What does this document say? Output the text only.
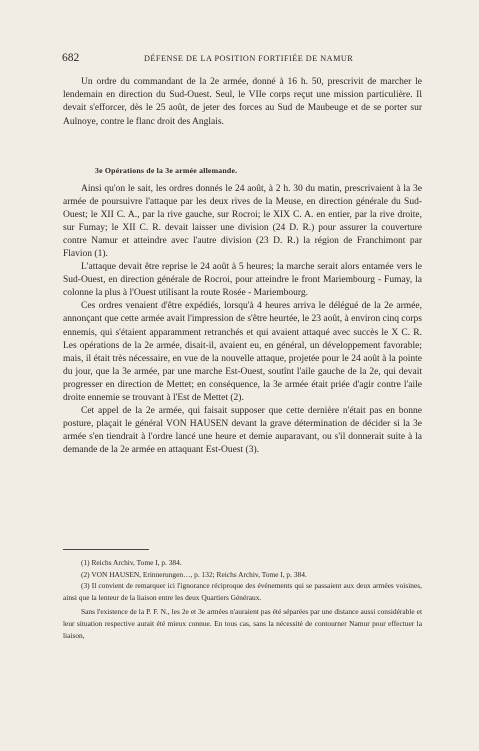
682	DÉFENSE DE LA POSITION FORTIFIÉE DE NAMUR

Un ordre du commandant de la 2e armée, donné à 16 h. 50, prescrivit de marcher le lendemain en direction du Sud-Ouest. Seul, le VIIe corps reçut une mission particulière. Il devait s'efforcer, dès le 25 août, de jeter des forces au Sud de Maubeuge et de se porter sur Aulnoye, contre le flanc droit des Anglais.

3e Opérations de la 3e armée allemande.

Ainsi qu'on le sait, les ordres donnés le 24 août, à 2 h. 30 du matin, prescrivaient à la 3e armée de poursuivre l'attaque par les deux rives de la Meuse, en direction générale du Sud-Ouest; le XII C. A., par la rive gauche, sur Rocroi; le XIX C. A. en entier, par la rive droite, sur Fumay; le XII C. R. devait laisser une division (24 D. R.) pour assurer la couverture contre Namur et atteindre avec l'autre division (23 D. R.) la région de Franchimont par Flavion (1).

L'attaque devait être reprise le 24 août à 5 heures; la marche serait alors entamée vers le Sud-Ouest, en direction générale de Rocroi, pour atteindre le front Mariembourg - Fumay, la colonne la plus à l'Ouest utilisant la route Rosée - Mariembourg.

Ces ordres venaient d'être expédiés, lorsqu'à 4 heures arriva le délégué de la 2e armée, annonçant que cette armée avait l'impression de s'être heurtée, le 23 août, à environ cinq corps ennemis, qui s'étaient apparamment retranchés et qui avaient attaqué avec succès le X C. R. Les opérations de la 2e armée, disait-il, avaient eu, en général, un développement favorable; mais, il était très nécessaire, en vue de la nouvelle attaque, projetée pour le 24 août à la pointe du jour, que la 3e armée, par une marche Est-Ouest, soutînt l'aile gauche de la 2e, qui devait progresser en direction de Mettet; en conséquence, la 3e armée était priée d'agir contre l'aile droite ennemie se trouvant à l'Est de Mettet (2).

Cet appel de la 2e armée, qui faisait supposer que cette dernière n'était pas en bonne posture, plaçait le général VON HAUSEN devant la grave détermination de décider si la 3e armée s'en tiendrait à l'ordre lancé une heure et demie auparavant, ou s'il donnerait suite à la demande de la 2e armée en attaquant Est-Ouest (3).

(1) Reichs Archiv, Tome I, p. 384.

(2) VON HAUSEN, Erinnerungen…, p. 132; Reichs Archiv, Tome I, p. 384.

(3) Il convient de remarquer ici l'ignorance réciproque des événements qui se passaient aux deux armées voisines, ainsi que la lenteur de la liaison entre les deux Quartiers Généraux.

Sans l'existence de la P. F. N., les 2e et 3e armées n'auraient pas été séparées par une distance aussi considérable et leur situation respective aurait été mieux connue. En tous cas, sans la nécessité de contourner Namur pour effectuer la liaison,
